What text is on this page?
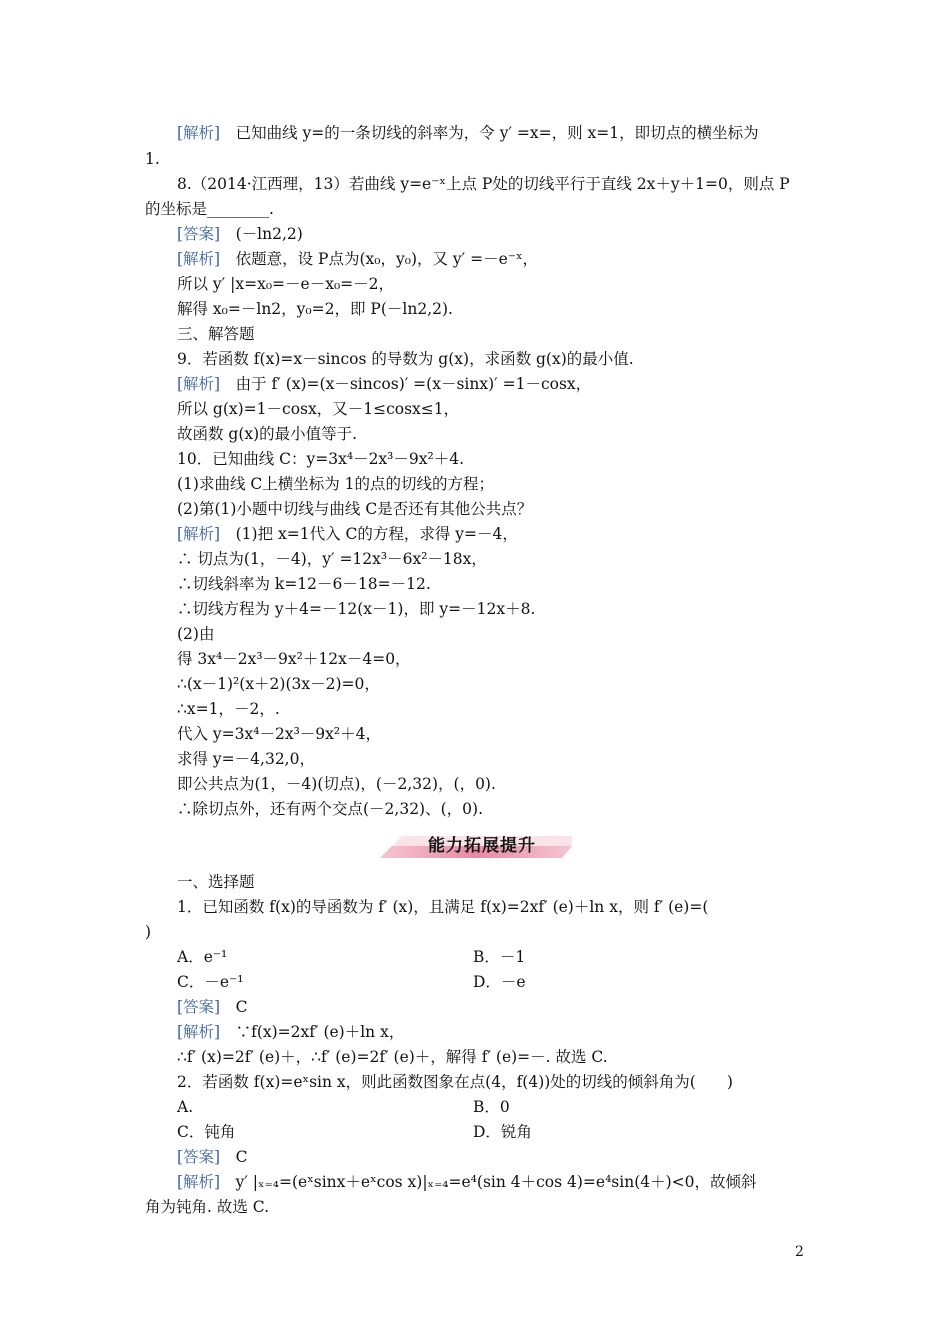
[解析]　已知曲线 y=的一条切线的斜率为，令 y′ =x=，则 x=1，即切点的横坐标为
1.
8.（2014·江西理，13）若曲线 y=e⁻ˣ上点 P处的切线平行于直线 2x＋y＋1=0，则点 P
的坐标是________.
[答案]　(－ln2,2)
[解析]　依题意，设 P点为(x₀，y₀)，又 y′ =－e⁻ˣ，
所以 y′ |x=x₀=－e－x₀=－2，
解得 x₀=－ln2，y₀=2，即 P(－ln2,2).
三、解答题
9．若函数 f(x)=x－sincos 的导数为 g(x)，求函数 g(x)的最小值.
[解析]　由于 f′ (x)=(x－sincos)′ =(x－sinx)′ =1－cosx，
所以 g(x)=1－cosx，又－1≤cosx≤1，
故函数 g(x)的最小值等于.
10．已知曲线 C：y=3x⁴－2x³－9x²＋4.
(1)求曲线 C上横坐标为 1的点的切线的方程；
(2)第(1)小题中切线与曲线 C是否还有其他公共点？
[解析]　(1)把 x=1代入 C的方程，求得 y=－4，
∴ 切点为(1，－4)，y′ =12x³－6x²－18x，
∴切线斜率为 k=12－6－18=－12.
∴切线方程为 y＋4=－12(x－1)，即 y=－12x＋8.
(2)由
得 3x⁴－2x³－9x²＋12x－4=0，
∴(x－1)²(x＋2)(3x－2)=0，
∴x=1，－2，.
代入 y=3x⁴－2x³－9x²＋4，
求得 y=－4,32,0，
即公共点为(1，－4)(切点)，(－2,32)，(，0).
∴除切点外，还有两个交点(－2,32)、(，0).
能力拓展提升
一、选择题
1．已知函数 f(x)的导函数为 f′ (x)，且满足 f(x)=2xf′ (e)＋ln x，则 f′ (e)=(
)
A．e⁻¹	B．－1
C．－e⁻¹	D．－e
[答案]　C
[解析]　∵f(x)=2xf′ (e)＋ln x，
∴f′ (x)=2f′ (e)＋，∴f′ (e)=2f′ (e)＋，解得 f′ (e)=－. 故选 C.
2．若函数 f(x)=eˣsin x，则此函数图象在点(4，f(4))处的切线的倾斜角为(　　)
A.	B．0
C．钝角	D．锐角
[答案]　C
[解析]　y′ |ₓ₌₄=(eˣsinx＋eˣcos x)|ₓ₌₄=e⁴(sin 4＋cos 4)=e⁴sin(4＋)<0，故倾斜
角为钝角. 故选 C.
2
